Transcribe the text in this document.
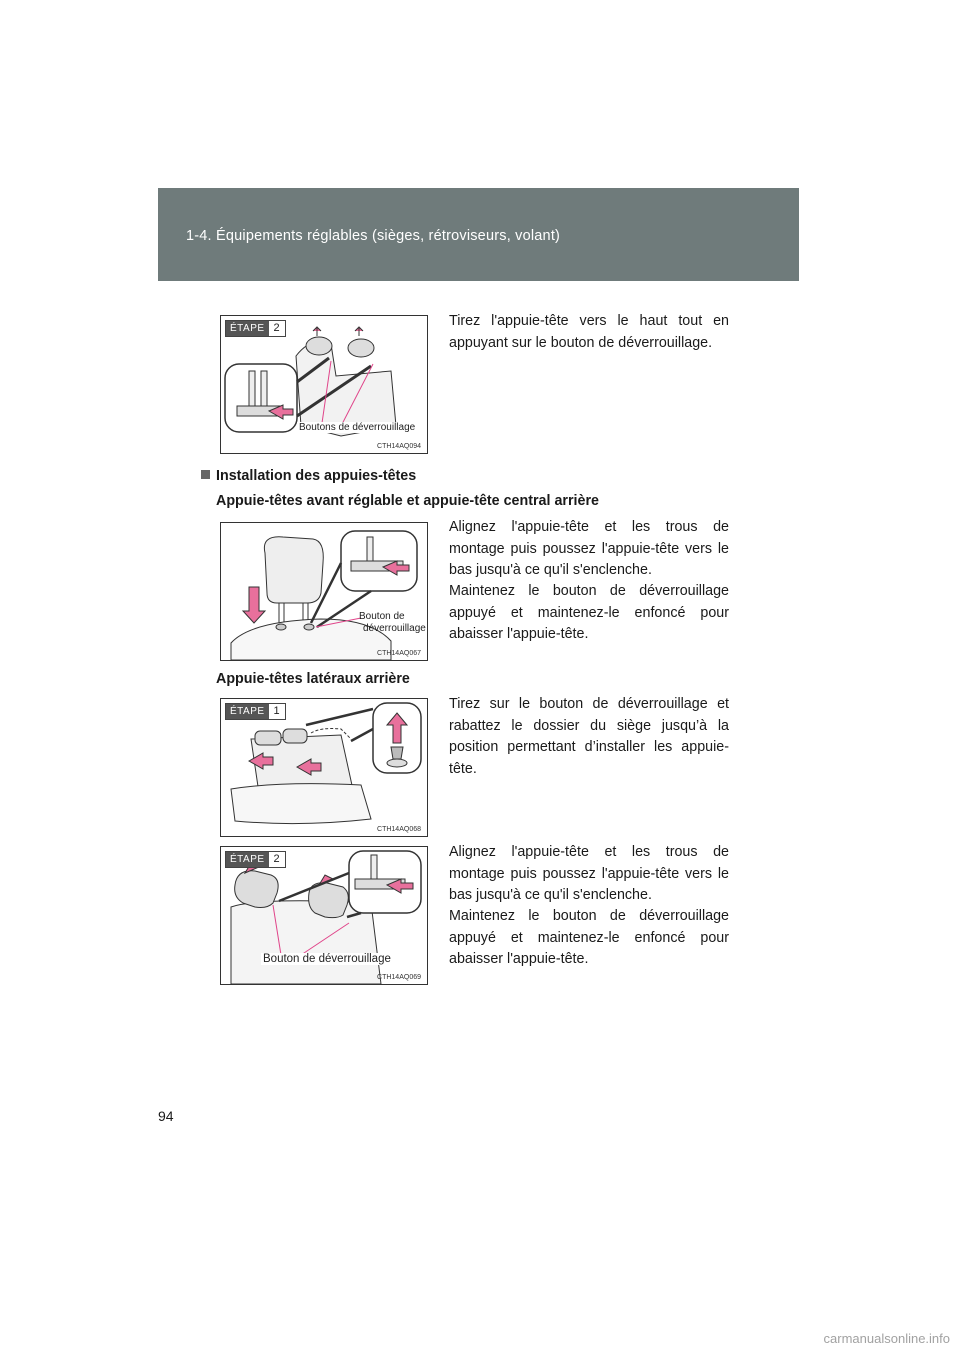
1-4. Équipements réglables (sièges, rétroviseurs, volant)
ÉTAPE 2
Boutons de déverrouillage
CTH14AQ094

Tirez l'appuie-tête vers le haut tout en appuyant sur le bouton de déverrouillage.

Installation des appuies-têtes
Appuie-têtes avant réglable et appuie-tête central arrière
Bouton de
déverrouillage
CTH14AQ067

Alignez l'appuie-tête et les trous de montage puis poussez l'appuie-tête vers le bas jusqu'à ce qu'il s'enclenche.

Maintenez le bouton de déverrouillage appuyé et maintenez-le enfoncé pour abaisser l'appuie-tête.

Appuie-têtes latéraux arrière
ÉTAPE 1
CTH14AQ068

Tirez sur le bouton de déverrouillage et rabattez le dossier du siège jusqu’à la position permettant d’installer les appuie-tête.

ÉTAPE 2
Bouton de déverrouillage
CTH14AQ069

Alignez l'appuie-tête et les trous de montage puis poussez l'appuie-tête vers le bas jusqu'à ce qu'il s'enclenche.

Maintenez le bouton de déverrouillage appuyé et maintenez-le enfoncé pour abaisser l'appuie-tête.

94
carmanualsonline.info
